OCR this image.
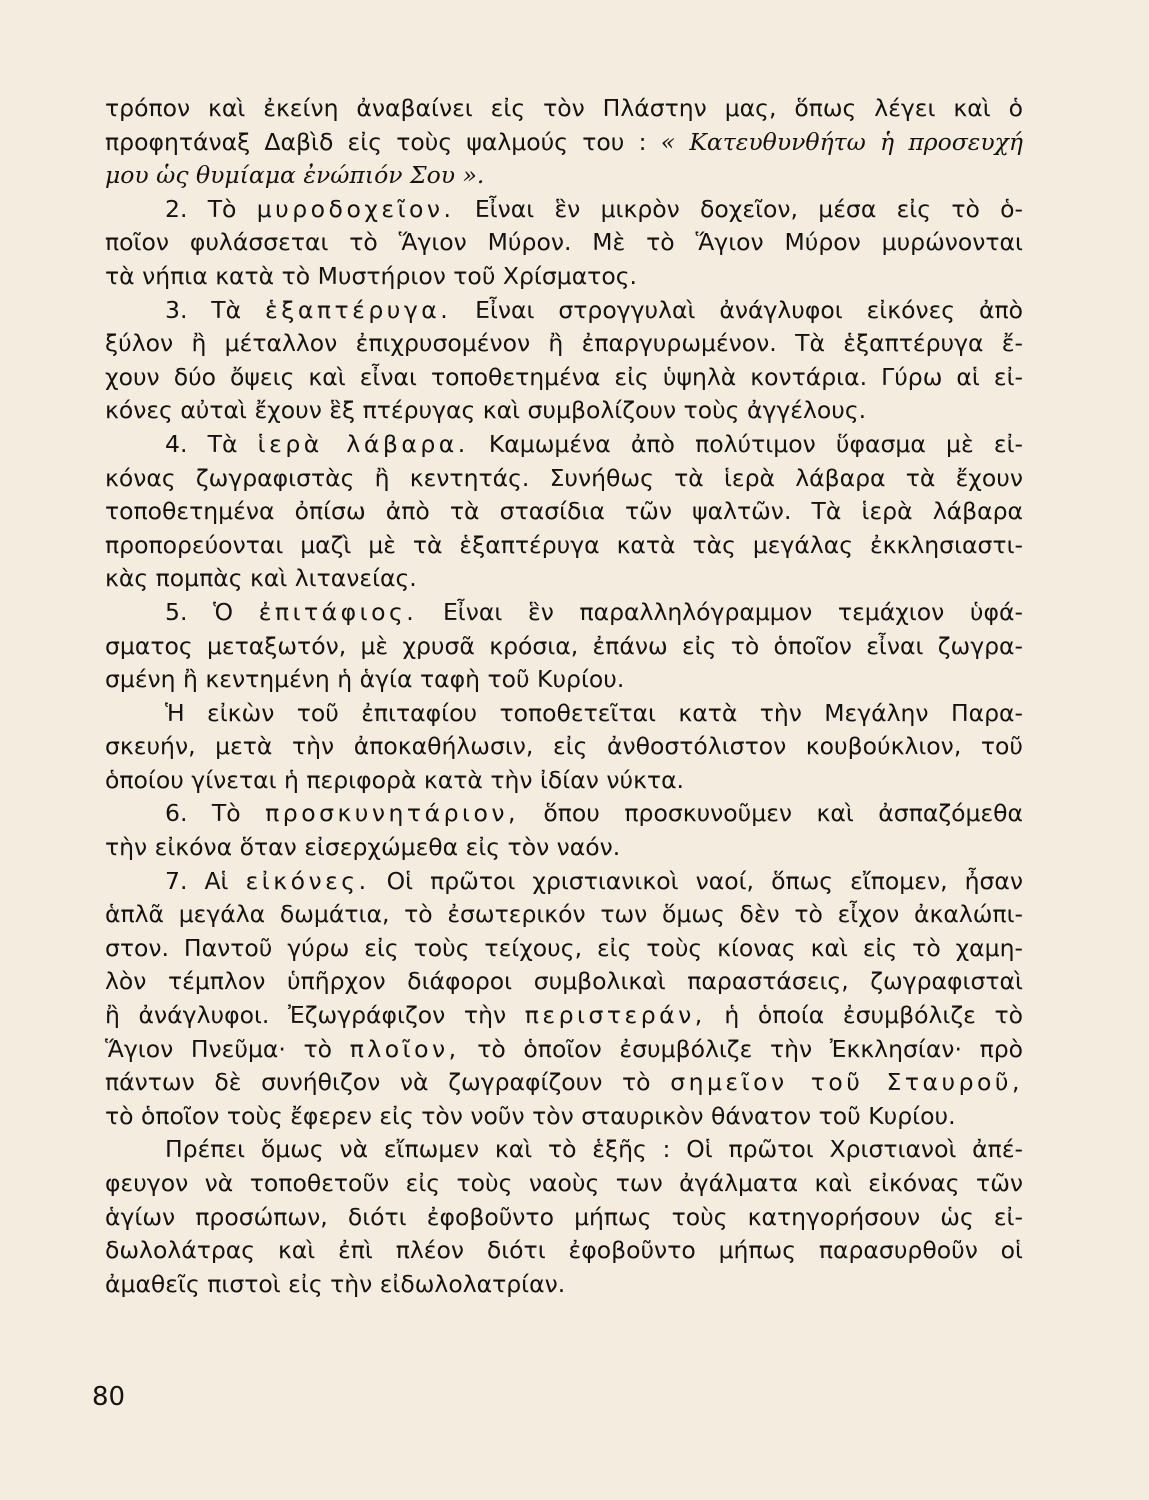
τρόπον καὶ ἐκείνη ἀναβαίνει εἰς τὸν Πλάστην μας, ὅπως λέγει καὶ ὁ
προφητάναξ Δαβὶδ εἰς τοὺς ψαλμούς του : « Κατευθυνθήτω ἡ προσευχή
μου ὡς θυμίαμα ἐνώπιόν Σου ».
2. Τὸ μυροδοχεῖον. Εἶναι ἓν μικρὸν δοχεῖον, μέσα εἰς τὸ ὁ-
ποῖον φυλάσσεται τὸ Ἅγιον Μύρον. Μὲ τὸ Ἅγιον Μύρον μυρώνονται
τὰ νήπια κατὰ τὸ Μυστήριον τοῦ Χρίσματος.
3. Τὰ ἑξαπτέρυγα. Εἶναι στρογγυλαὶ ἀνάγλυφοι εἰκόνες ἀπὸ
ξύλον ἢ μέταλλον ἐπιχρυσομένον ἢ ἐπαργυρωμένον. Τὰ ἑξαπτέρυγα ἔ-
χουν δύο ὄψεις καὶ εἶναι τοποθετημένα εἰς ὑψηλὰ κοντάρια. Γύρω αἱ εἰ-
κόνες αὐταὶ ἔχουν ἓξ πτέρυγας καὶ συμβολίζουν τοὺς ἀγγέλους.
4. Τὰ ἱερὰ λάβαρα. Καμωμένα ἀπὸ πολύτιμον ὕφασμα μὲ εἰ-
κόνας ζωγραφιστὰς ἢ κεντητάς. Συνήθως τὰ ἱερὰ λάβαρα τὰ ἔχουν
τοποθετημένα ὀπίσω ἀπὸ τὰ στασίδια τῶν ψαλτῶν. Τὰ ἱερὰ λάβαρα
προπορεύονται μαζὶ μὲ τὰ ἑξαπτέρυγα κατὰ τὰς μεγάλας ἐκκλησιαστι-
κὰς πομπὰς καὶ λιτανείας.
5. Ὁ ἐπιτάφιος. Εἶναι ἓν παραλληλόγραμμον τεμάχιον ὑφά-
σματος μεταξωτόν, μὲ χρυσᾶ κρόσια, ἐπάνω εἰς τὸ ὁποῖον εἶναι ζωγρα-
σμένη ἢ κεντημένη ἡ ἁγία ταφὴ τοῦ Κυρίου.
Ἡ εἰκὼν τοῦ ἐπιταφίου τοποθετεῖται κατὰ τὴν Μεγάλην Παρα-
σκευήν, μετὰ τὴν ἀποκαθήλωσιν, εἰς ἀνθοστόλιστον κουβούκλιον, τοῦ
ὁποίου γίνεται ἡ περιφορὰ κατὰ τὴν ἰδίαν νύκτα.
6. Τὸ προσκυνητάριον, ὅπου προσκυνοῦμεν καὶ ἀσπαζόμεθα
τὴν εἰκόνα ὅταν εἰσερχώμεθα εἰς τὸν ναόν.
7. Αἱ εἰκόνες. Οἱ πρῶτοι χριστιανικοὶ ναοί, ὅπως εἴπομεν, ἦσαν
ἁπλᾶ μεγάλα δωμάτια, τὸ ἐσωτερικόν των ὅμως δὲν τὸ εἶχον ἀκαλώπι-
στον. Παντοῦ γύρω εἰς τοὺς τείχους, εἰς τοὺς κίονας καὶ εἰς τὸ χαμη-
λὸν τέμπλον ὑπῆρχον διάφοροι συμβολικαὶ παραστάσεις, ζωγραφισταὶ
ἢ ἀνάγλυφοι. Ἐζωγράφιζον τὴν περιστεράν, ἡ ὁποία ἐσυμβόλιζε τὸ
Ἅγιον Πνεῦμα· τὸ πλοῖον, τὸ ὁποῖον ἐσυμβόλιζε τὴν Ἐκκλησίαν· πρὸ
πάντων δὲ συνήθιζον νὰ ζωγραφίζουν τὸ σημεῖον τοῦ Σταυροῦ,
τὸ ὁποῖον τοὺς ἔφερεν εἰς τὸν νοῦν τὸν σταυρικὸν θάνατον τοῦ Κυρίου.
Πρέπει ὅμως νὰ εἴπωμεν καὶ τὸ ἑξῆς : Οἱ πρῶτοι Χριστιανοὶ ἀπέ-
φευγον νὰ τοποθετοῦν εἰς τοὺς ναοὺς των ἀγάλματα καὶ εἰκόνας τῶν
ἁγίων προσώπων, διότι ἐφοβοῦντο μήπως τοὺς κατηγορήσουν ὡς εἰ-
δωλολάτρας καὶ ἐπὶ πλέον διότι ἐφοβοῦντο μήπως παρασυρθοῦν οἱ
ἀμαθεῖς πιστοὶ εἰς τὴν εἰδωλολατρίαν.
80
